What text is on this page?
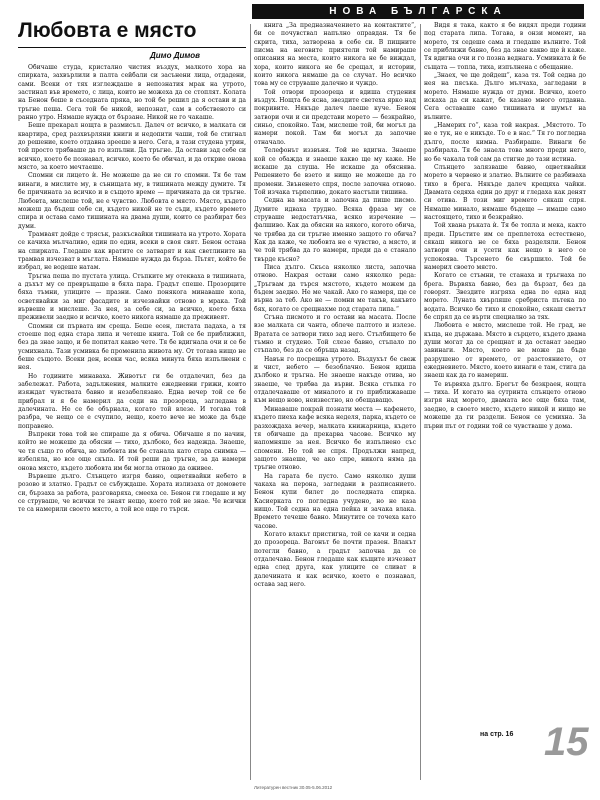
НОВА БЪЛГАРСКА
Любовта е място
Димо Димов

Обичаше студа, кристално чистия въздух, малкото хора на спирката, захвърлили в палта сейбали си засънени лица, отдадени, сами. Всеки от тях изглеждаше в непознатия мрак на утрото, застинал във времето, с лица, които не можеха да се стоплят. Колата на Бенон беше в съседната пряка, но той бе решил да я остави и да тръгне пеша. Сега той бе никой, непознат, сам в собственото си ранно утро. Нямаше нужда от бързане. Никой не го чакаше.

Беше прекарал нощта в размисъл. Далеч от всичко, в малката си квартира, сред разхвърляни книги и недопити чаши, той бе стигнал до решение, което отдавна зрееше в него. Сега, в тази студена утрин, той просто трябваше да го изпълни. Да тръгне. Да остави зад себе си всичко, което бе познавал, всичко, което бе обичал, и да открие онова място, за което мечтаеше.

Спомни си лицето ѝ. Не можеше да не си го спомни. Тя бе там винаги, в мислите му, в сънищата му, в тишината между думите. Тя бе причината за всичко и в същото време — причината да си тръгне. Любовта, мислеше той, не е чувство. Любовта е място. Място, където можеш да бъдеш себе си, където никой не те съди, където времето спира и остава само тишината на двама души, които се разбират без думи.

Трамваят дойде с трясък, разкъсвайки тишината на утрото. Хората се качиха мълчаливо, един по един, всеки в своя свят. Бенон остана на спирката. Гледаше как вратите се затварят и как светлините на трамвая изчезват в мъглата. Нямаше нужда да бърза. Пътят, който бе избрал, не водеше натам.

Тръгна пеша по пустата улица. Стъпките му отекваха в тишината, а дъхът му се превръщаше в бяла пара. Градът спеше. Прозорците бяха тъмни, улиците — празни. Само понякога минаваше кола, осветявайки за миг фасадите и изчезвайки отново в мрака. Той вървеше и мислеше. За нея, за себе си, за всичко, което бяха преживели заедно и всичко, което никога нямаше да преживеят.

Спомни си първата им среща. Беше есен, листата падаха, а тя стоеше под една стара липа и четеше книга. Той се бе приближил, без да знае защо, и бе попитал какво чете. Тя бе вдигнала очи и се бе усмихнала. Тази усмивка бе променила живота му. От тогава нищо не беше същото. Всеки ден, всеки час, всяка минута бяха изпълнени с нея.

Но годините минаваха. Животът ги бе отдалечил, без да забележат. Работа, задължения, малките ежедневни грижи, които изяждат чувствата бавно и незабелязано. Една вечер той се бе прибрал и я бе намерил да седи на прозореца, загледана в далечината. Не се бе обърнала, когато той влезе. И тогава той разбра, че нещо се е счупило, нещо, което вече не може да бъде поправено.

Въпреки това той не спираше да я обича. Обичаше я по начин, който не можеше да обясни — тихо, дълбоко, без надежда. Знаеше, че тя също го обича, но любовта им бе станала като стара снимка — избеляла, но все още скъпа. И той реши да тръгне, за да намери онова място, където любовта им би могла отново да оживее.

Вървеше дълго. Слънцето изгря бавно, оцветявайки небето в розово и златно. Градът се събуждаше. Хората излизаха от домовете си, бързаха за работа, разговаряха, смееха се. Бенон ги гледаше и му се струваше, че всички те знаят нещо, което той не знае. Че всички те са намерили своето място, а той все още го търси.

книга „За предназначението на контактите“, би се почувствал напълно оправдан. Тя бе скрита, тиха, затворена в себе си. В пищните писма на неговите приятели той намираше описания на места, които никога не бе виждал, хора, които никога не бе срещал, и истории, които никога нямаше да се случат. Но всичко това му се струваше далечно и чуждо.

Той отвори прозореца и вдиша студения въздух. Нощта бе ясна, звездите светеха ярко над покривите. Някъде далеч лаеше куче. Бенон затвори очи и си представи морето — безкрайно, синьо, спокойно. Там, мислеше той, би могъл да намери покой. Там би могъл да започне отначало.

Телефонът иззвъня. Той не вдигна. Знаеше кой се обажда и знаеше какво ще му каже. Не искаше да слуша. Не искаше да обяснява. Решението бе взето и нищо не можеше да го промени. Звъненето спря, после започна отново. Той изчака търпеливо, докато настъпи тишина.

Седна на масата и започна да пише писмо. Думите идваха трудно. Всяка фраза му се струваше недостатъчна, всяко изречение — фалшиво. Как да обясни на някого, когото обича, че трябва да си тръгне именно защото го обича? Как да каже, че любовта не е чувство, а място, и че той трябва да го намери, преди да е станало твърде късно?

Писа дълго. Скъса няколко листа, започна отново. Накрая остави само няколко реда: „Тръгвам да търся мястото, където можем да бъдем заедно. Не ме чакай. Ако го намеря, ще се върна за теб. Ако не — помни ме такъв, какъвто бях, когато се срещнахме под старата липа.“

Сгъна писмото и го остави на масата. После взе малката си чанта, облече палтото и излезе. Вратата се затвори тихо зад него. Стълбището бе тъмно и студено. Той слезе бавно, стъпало по стъпало, без да се обръща назад.

Навън го посрещна утрото. Въздухът бе свеж и чист, небето — безоблачно. Бенон вдиша дълбоко и тръгна. Не знаеше накъде отива, но знаеше, че трябва да върви. Всяка стъпка го отдалечаваше от миналото и го приближаваше към нещо ново, неизвестно, но обещаващо.

Минаваше покрай познати места — кафенето, където пиеха кафе всяка неделя, парка, където се разхождаха вечер, малката книжарница, където тя обичаше да прекарва часове. Всичко му напомняше за нея. Всичко бе изпълнено със спомени. Но той не спря. Продължи напред, защото знаеше, че ако спре, никога няма да тръгне отново.

На гарата бе пусто. Само няколко души чакаха на перона, загледани в разписанието. Бенон купи билет до последната спирка. Касиерката го погледна учудено, но не каза нищо. Той седна на една пейка и зачака влака. Времето течеше бавно. Минутите се точеха като часове.

Когато влакът пристигна, той се качи и седна до прозореца. Вагонът бе почти празен. Влакът потегли бавно, а градът започна да се отдалечава. Бенон гледаше как къщите изчезват една след друга, как улиците се сливат в далечината и как всичко, което е познавал, остава зад него.

Видя я така, както я бе видял преди години под старата липа. Тогава, в онзи момент, на морето, тя седеше сама и гледаше вълните. Той се приближи бавно, без да знае какво ще ѝ каже. Тя вдигна очи и го позна веднага. Усмивката ѝ бе същата — топла, тиха, изпълнена с обещание.

„Знаех, че ще дойдеш“, каза тя. Той седна до нея на пясъка. Дълго мълчаха, загледани в морето. Нямаше нужда от думи. Всичко, което искаха да си кажат, бе казано много отдавна. Сега оставаше само тишината и шумът на вълните.

„Намерих го“, каза той накрая. „Мястото. То не е тук, не е никъде. То е в нас.“ Тя го погледна дълго, после кимна. Разбираше. Винаги бе разбирала. Тя бе знаела това много преди него, но бе чакала той сам да стигне до тази истина.

Слънцето залязваше бавно, оцветявайки морето в червено и златно. Вълните се разбиваха тихо в брега. Някъде далеч крещяха чайки. Двамата седяха един до друг и гледаха как денят си отива. В този миг времето сякаш спря. Нямаше минало, нямаше бъдеще — имаше само настоящето, тихо и безкрайно.

Той хвана ръката ѝ. Тя бе топла и мека, както преди. Пръстите им се преплетоха естествено, сякаш никога не се бяха разделяли. Бенон затвори очи и усети как нещо в него се успокоява. Търсенето бе свършило. Той бе намерил своето място.

Когато се стъмни, те станаха и тръгнаха по брега. Вървяха бавно, без да бързат, без да говорят. Звездите изгряха една по една над морето. Луната хвърляше сребриста пътека по водата. Всичко бе тихо и спокойно, сякаш светът бе спрял да се върти специално за тях.

Любовта е място, мислеше той. Не град, не къща, не държава. Място в сърцето, където двама души могат да се срещнат и да останат заедно завинаги. Място, което не може да бъде разрушено от времето, от разстоянието, от ежедневието. Място, което винаги е там, стига да знаеш как да го намериш.

Те вървяха дълго. Брегът бе безкраен, нощта — тиха. И когато на сутринта слънцето отново изгря над морето, двамата все още бяха там, заедно, в своето място, където никой и нищо не можеше да ги раздели. Бенон се усмихна. За първи път от години той се чувстваше у дома.

на стр. 16 15
Литературен вестник 30.05-5.06.2012
